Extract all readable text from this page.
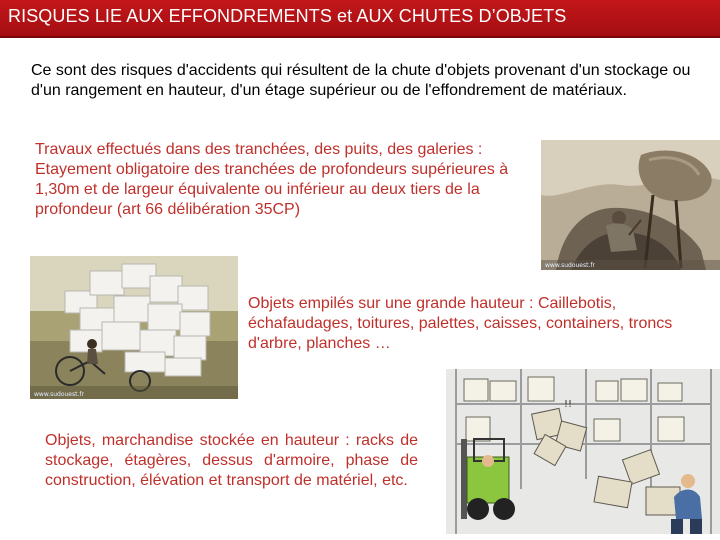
RISQUES LIE AUX EFFONDREMENTS et AUX CHUTES D’OBJETS
Ce sont des risques d'accidents qui résultent de la chute d'objets provenant d'un stockage ou d'un rangement en hauteur, d'un étage supérieur ou de l'effondrement de matériaux.
Travaux effectués dans des tranchées, des puits, des galeries : Etayement obligatoire des tranchées de profondeurs supérieures à 1,30m et de largeur équivalente ou inférieur au deux tiers de la profondeur (art 66 délibération 35CP)
www.sudouest.fr
www.sudouest.fr
Objets empilés sur une grande hauteur : Caillebotis, échafaudages, toitures, palettes, caisses, containers, troncs d'arbre, planches …
!!
Objets, marchandise stockée en hauteur : racks de stockage, étagères, dessus d'armoire, phase de construction, élévation et transport de matériel, etc.
